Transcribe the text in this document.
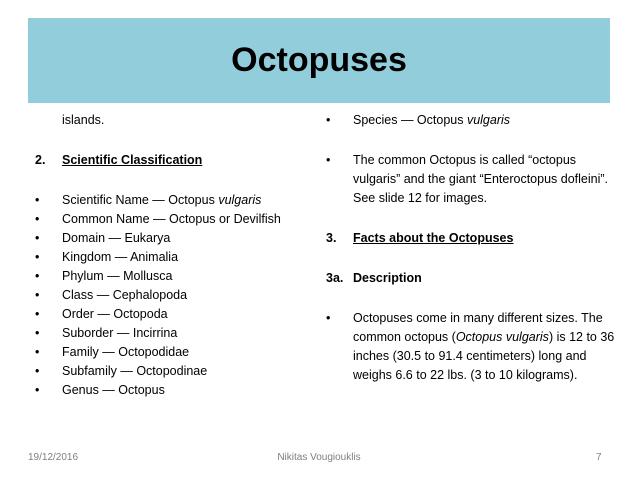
Octopuses
islands.
2. Scientific Classification
• Scientific Name — Octopus vulgaris
• Common Name — Octopus or Devilfish
• Domain — Eukarya
• Kingdom — Animalia
• Phylum — Mollusca
• Class — Cephalopoda
• Order — Octopoda
• Suborder — Incirrina
• Family — Octopodidae
• Subfamily — Octopodinae
• Genus — Octopus
• Species — Octopus vulgaris
• The common Octopus is called “octopus vulgaris” and the giant “Enteroctopus dofleini”. See slide 12 for images.
3. Facts about the Octopuses
3a. Description
• Octopuses come in many different sizes. The common octopus (Octopus vulgaris) is 12 to 36 inches (30.5 to 91.4 centimeters) long and weighs 6.6 to 22 lbs. (3 to 10 kilograms).
19/12/2016	Nikitas Vougiouklis	7
